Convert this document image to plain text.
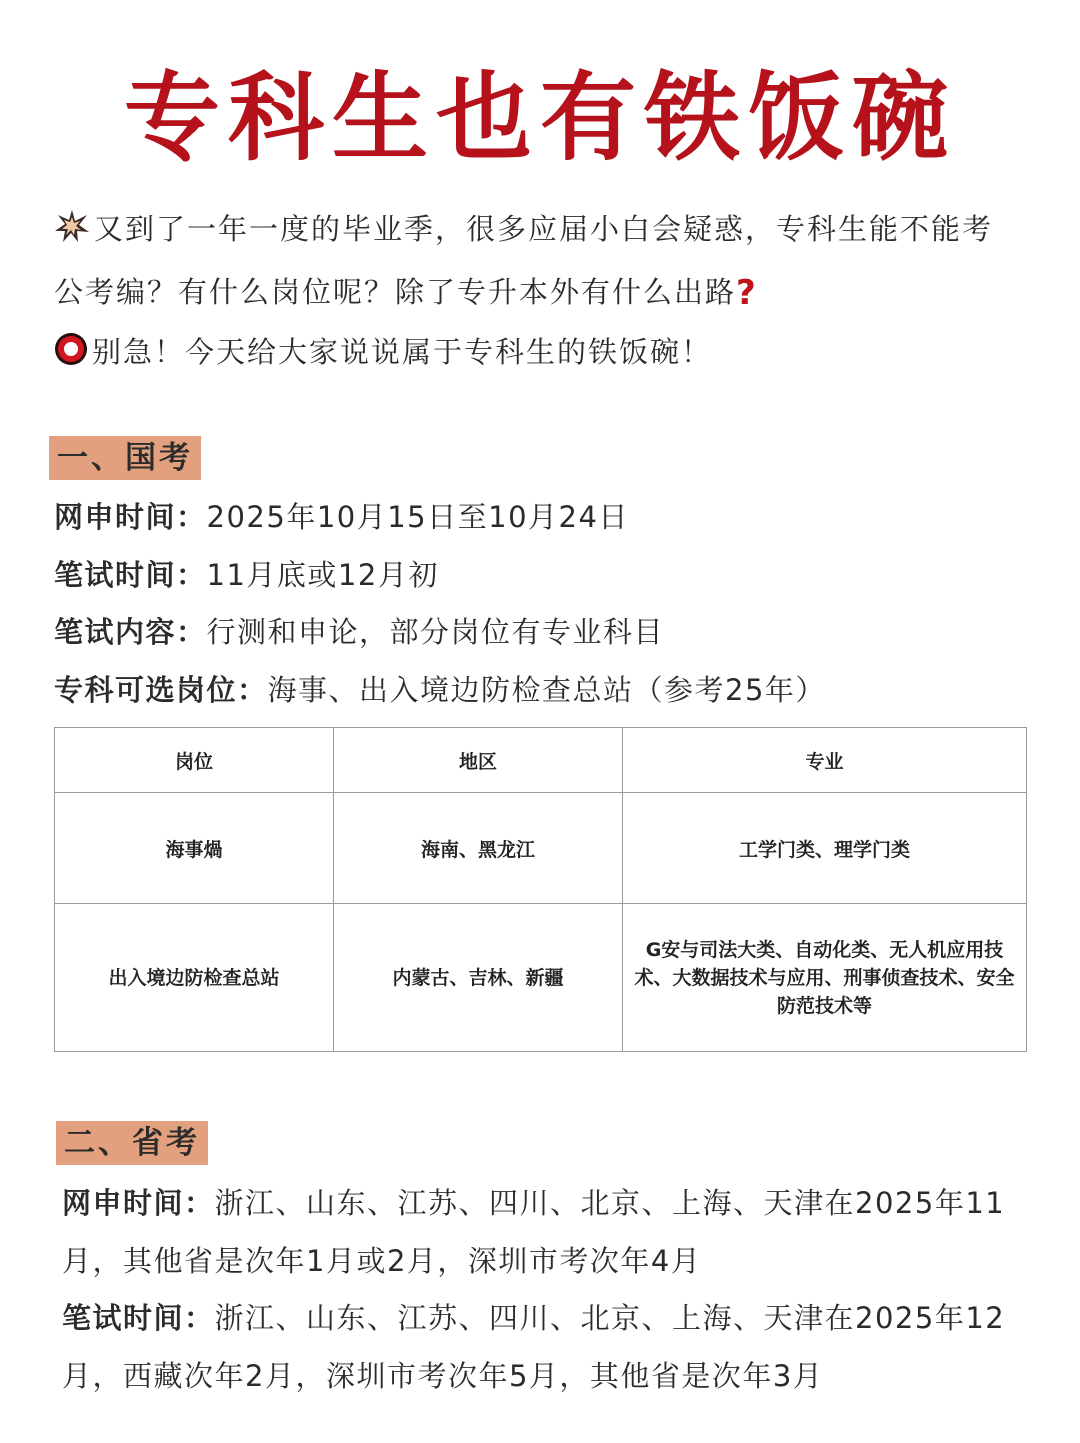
专科生也有铁饭碗

又到了一年一度的毕业季，很多应届小白会疑惑，专科生能不能考

公考编？有什么岗位呢？除了专升本外有什么出路?

别急！今天给大家说说属于专科生的铁饭碗！

一、国考

网申时间：2025年10月15日至10月24日

笔试时间：11月底或12月初

笔试内容：行测和申论，部分岗位有专业科目

专科可选岗位：海事、出入境边防检查总站（参考25年）

岗位	地区	专业
海事煱	海南、黑龙江	工学门类、理学门类
出入境边防检查总站	内蒙古、吉林、新疆	G安与司法大类、自动化类、无人机应用技术、大数据技术与应用、刑事侦查技术、安全防范技术等
二、省考

网申时间：浙江、山东、江苏、四川、北京、上海、天津在2025年11月，其他省是次年1月或2月，深圳市考次年4月

笔试时间：浙江、山东、江苏、四川、北京、上海、天津在2025年12月，西藏次年2月，深圳市考次年5月，其他省是次年3月
